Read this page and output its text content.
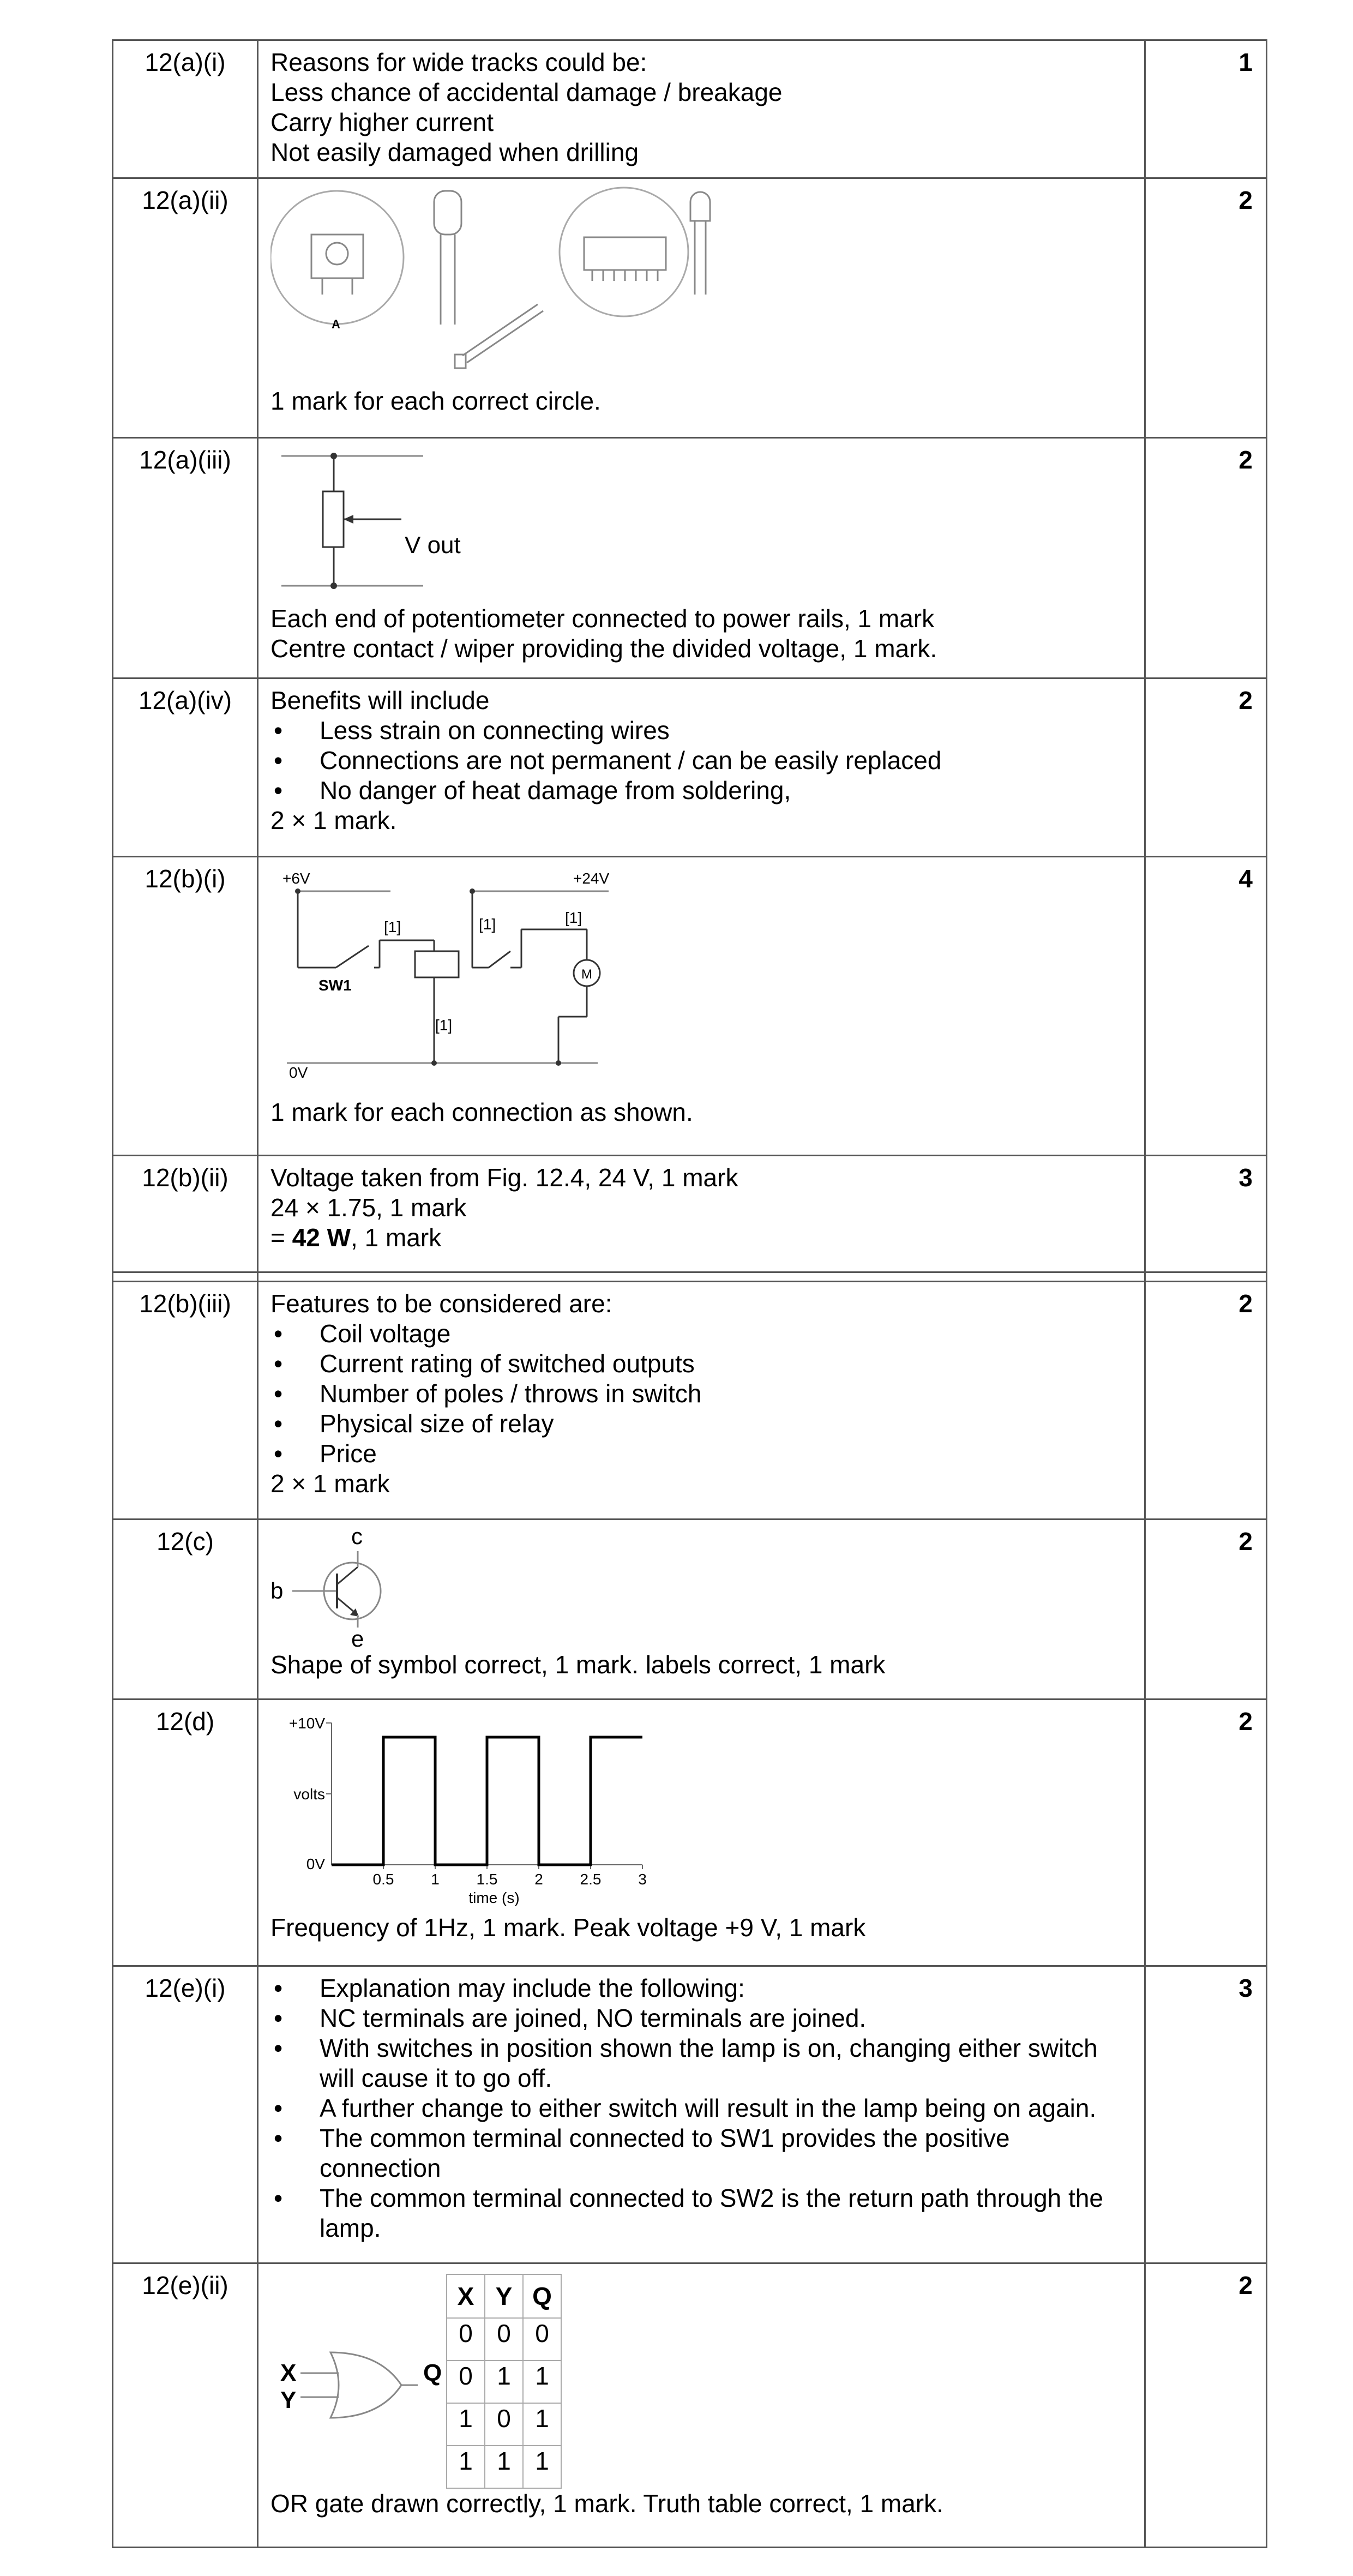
12(a)(i)	Reasons for wide tracks could be:
Less chance of accidental damage / breakage
Carry higher current
Not easily damaged when drilling
	1
12(a)(ii)	
A
1 mark for each correct circle.
	2
12(a)(iii)	
V out
Each end of potentiometer connected to power rails, 1 mark
Centre contact / wiper providing the divided voltage, 1 mark.
	2
12(a)(iv)	Benefits will include
• Less strain on connecting wires
• Connections are not permanent / can be easily replaced
• No danger of heat damage from soldering,
2 × 1 mark.
	2
12(b)(i)	+6V	+24V
0V
SW1
[1]
[1]
[1]	[1]
M
1 mark for each connection as shown.
	4
12(b)(ii)	Voltage taken from Fig. 12.4, 24 V, 1 mark
24 × 1.75, 1 mark
= 42 W, 1 mark
	3

12(b)(iii)	Features to be considered are:
• Coil voltage
• Current rating of switched outputs
• Number of poles / throws in switch
• Physical size of relay
• Price
2 × 1 mark
	2
12(c)	
b
c
e
Shape of symbol correct, 1 mark. labels correct, 1 mark
	2
12(d)	+10V
volts
0V
0.5 1 1.5 2 2.5 3
time (s)
Frequency of 1Hz, 1 mark. Peak voltage +9 V, 1 mark
	2
12(e)(i)	
•Explanation may include the following:
• NC terminals are joined, NO terminals are joined.
• With switches in position shown the lamp is on, changing either switch will cause it to go off.
• A further change to either switch will result in the lamp being on again.
• The common terminal connected to SW1 provides the positive connection
• The common terminal connected to SW2 is the return path through the lamp.
	3
12(e)(ii)	
X
Y
Q
X	Y	Q
0	0	0
0	1	1
1	0	1
1	1	1
OR gate drawn correctly, 1 mark. Truth table correct, 1 mark.
	2
